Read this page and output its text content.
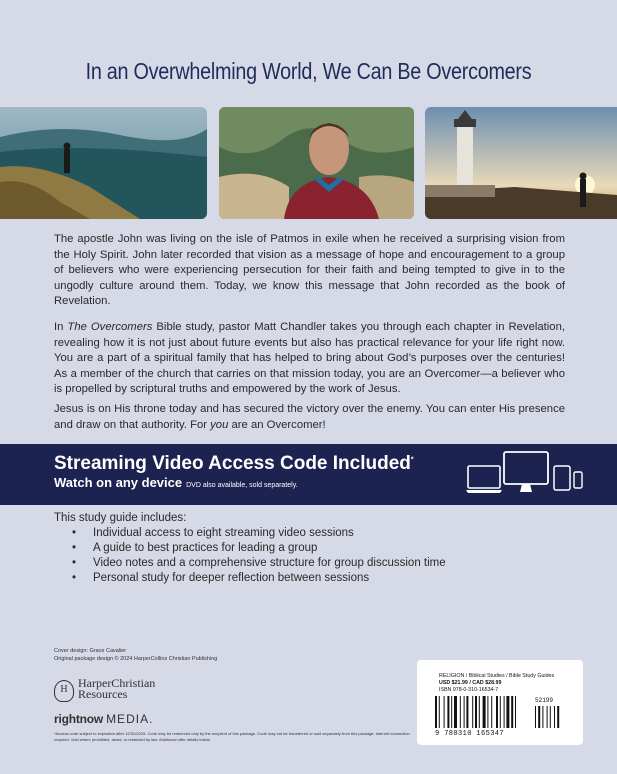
In an Overwhelming World, We Can Be Overcomers

The apostle John was living on the isle of Patmos in exile when he received a surprising vision from the Holy Spirit. John later recorded that vision as a message of hope and encouragement to a group of believers who were experiencing persecution for their faith and being tempted to give in to the ungodly culture around them. Today, we know this message that John recorded as the book of Revelation.

In The Overcomers Bible study, pastor Matt Chandler takes you through each chapter in Revelation, revealing how it is not just about future events but also has practical relevance for your life right now. You are a part of a spiritual family that has helped to bring about God’s purposes over the centuries! As a member of the church that carries on that mission today, you are an Overcomer—a believer who is propelled by scriptural truths and empowered by the work of Jesus.

Jesus is on His throne today and has secured the victory over the enemy. You can enter His presence and draw on that authority. For you are an Overcomer!

Streaming Video Access Code Included*
Watch on any device DVD also available, sold separately.
This study guide includes:
• Individual access to eight streaming video sessions
• A guide to best practices for leading a group
• Video notes and a comprehensive structure for group discussion time
• Personal study for deeper reflection between sessions
Cover design: Grace Cavalier
Original package design © 2024 HarperCollins Christian Publishing
H HarperChristian
Resources
rightnow MEDIA.
*Access code subject to expiration after 12/31/2029. Code may be redeemed only by the recipient of this package. Code may not be transferred or sold separately from this package. Internet connection required. Void where prohibited, taxed, or restricted by law. Additional offer details inside.
RELIGION / Biblical Studies / Bible Study Guides
USD $21.99 / CAD $28.99
ISBN 978-0-310-16534-7
52199
9 780310 165347
